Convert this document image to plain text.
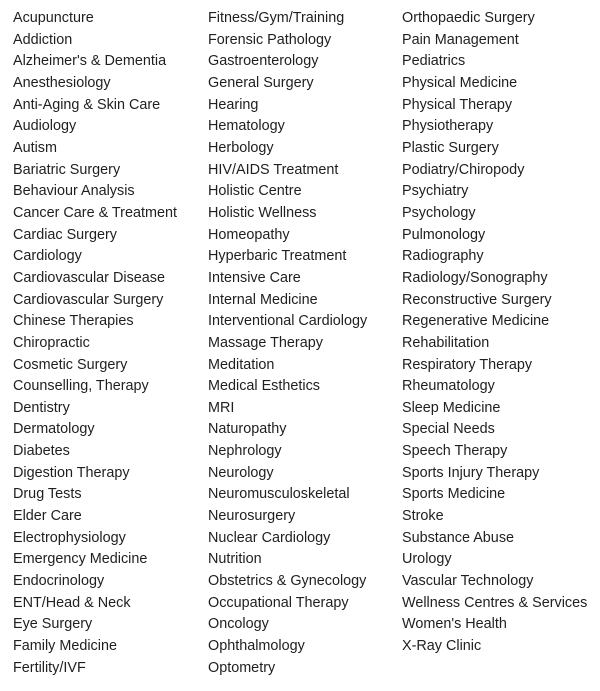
Acupuncture
Addiction
Alzheimer's & Dementia
Anesthesiology
Anti-Aging & Skin Care
Audiology
Autism
Bariatric Surgery
Behaviour Analysis
Cancer Care & Treatment
Cardiac Surgery
Cardiology
Cardiovascular Disease
Cardiovascular Surgery
Chinese Therapies
Chiropractic
Cosmetic Surgery
Counselling, Therapy
Dentistry
Dermatology
Diabetes
Digestion Therapy
Drug Tests
Elder Care
Electrophysiology
Emergency Medicine
Endocrinology
ENT/Head & Neck
Eye Surgery
Family Medicine
Fertility/IVF
Fitness/Gym/Training
Forensic Pathology
Gastroenterology
General Surgery
Hearing
Hematology
Herbology
HIV/AIDS Treatment
Holistic Centre
Holistic Wellness
Homeopathy
Hyperbaric Treatment
Intensive Care
Internal Medicine
Interventional Cardiology
Massage Therapy
Meditation
Medical Esthetics
MRI
Naturopathy
Nephrology
Neurology
Neuromusculoskeletal
Neurosurgery
Nuclear Cardiology
Nutrition
Obstetrics & Gynecology
Occupational Therapy
Oncology
Ophthalmology
Optometry
Orthopaedic Surgery
Pain Management
Pediatrics
Physical Medicine
Physical Therapy
Physiotherapy
Plastic Surgery
Podiatry/Chiropody
Psychiatry
Psychology
Pulmonology
Radiography
Radiology/Sonography
Reconstructive Surgery
Regenerative Medicine
Rehabilitation
Respiratory Therapy
Rheumatology
Sleep Medicine
Special Needs
Speech Therapy
Sports Injury Therapy
Sports Medicine
Stroke
Substance Abuse
Urology
Vascular Technology
Wellness Centres & Services
Women's Health
X-Ray Clinic
